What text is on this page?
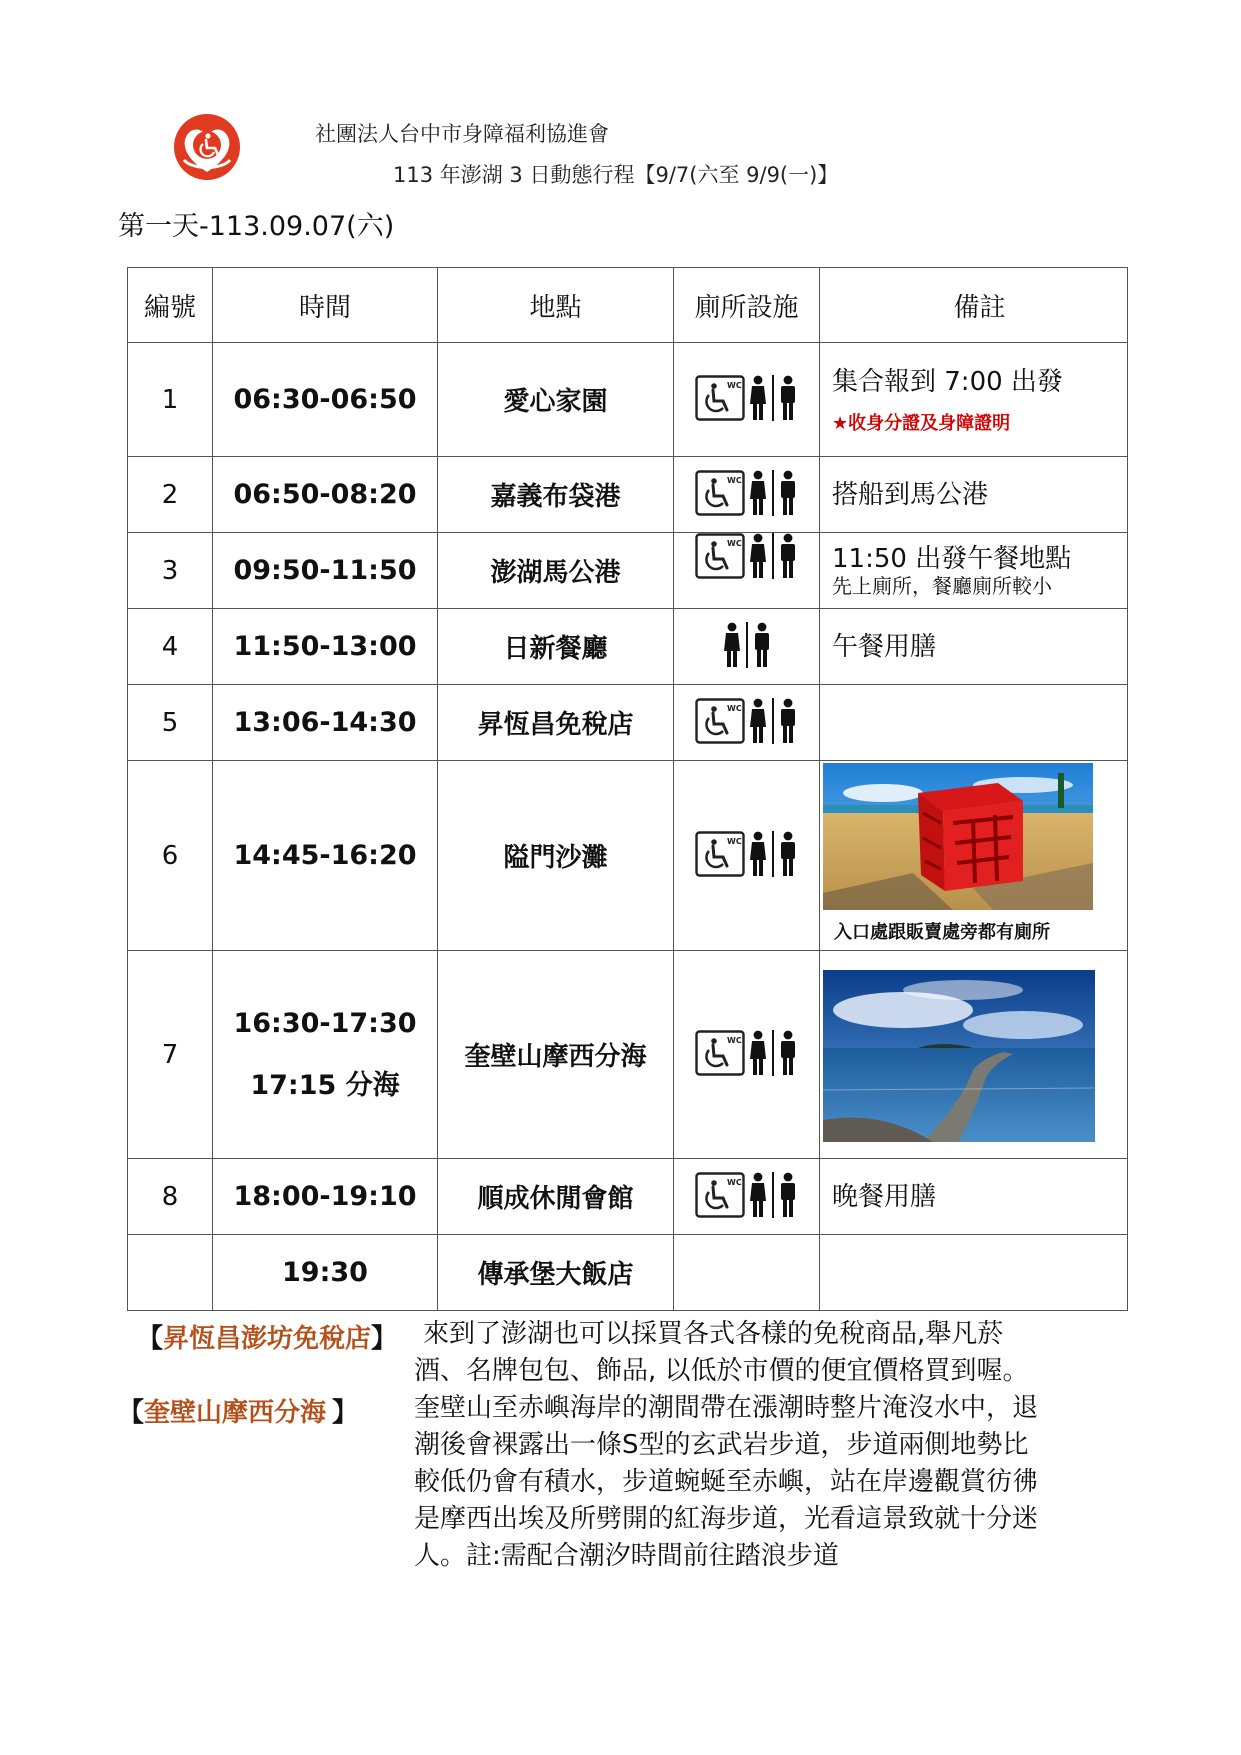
社團法人台中市身障福利協進會
113 年澎湖 3 日動態行程【9/7(六至 9/9(一)】
第一天-113.09.07(六)
編號	時間	地點	廁所設施	備註
1	06:30-06:50	愛心家園		集合報到 7:00 出發
★收身分證及身障證明

2	06:50-08:20	嘉義布袋港		搭船到馬公港

3	09:50-11:50	澎湖馬公港		11:50 出發午餐地點
先上廁所，餐廳廁所較小

4	11:50-13:00	日新餐廳		午餐用膳

5	13:06-14:30	昇恆昌免稅店	

6	14:45-16:20	隘門沙灘		入口處跟販賣處旁都有廁所

7	16:30-17:30
17:15 分海	奎壁山摩西分海	

8	18:00-19:10	順成休閒會館		晚餐用膳

	19:30	傳承堡大飯店		
【昇恆昌澎坊免稅店】 來到了澎湖也可以採買各式各樣的免稅商品,舉凡菸
酒、名牌包包、飾品, 以低於市價的便宜價格買到喔。
【奎壁山摩西分海 】 奎壁山至赤嶼海岸的潮間帶在漲潮時整片淹沒水中，退
潮後會裸露出一條S型的玄武岩步道，步道兩側地勢比
較低仍會有積水，步道蜿蜒至赤嶼，站在岸邊觀賞彷彿
是摩西出埃及所劈開的紅海步道，光看這景致就十分迷
人。註:需配合潮汐時間前往踏浪步道
